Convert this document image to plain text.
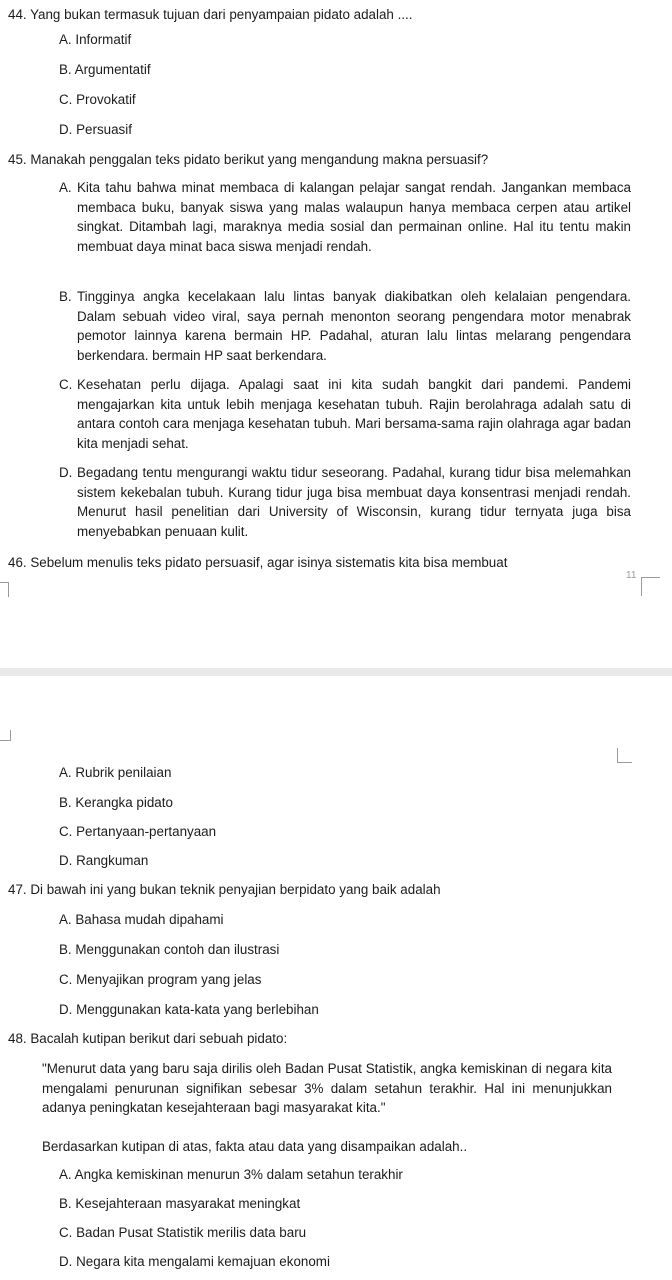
44. Yang bukan termasuk tujuan dari penyampaian pidato adalah ....
A. Informatif
B. Argumentatif
C. Provokatif
D. Persuasif
45. Manakah penggalan teks pidato berikut yang mengandung makna persuasif?
A. Kita tahu bahwa minat membaca di kalangan pelajar sangat rendah. Jangankan membaca membaca buku, banyak siswa yang malas walaupun hanya membaca cerpen atau artikel singkat. Ditambah lagi, maraknya media sosial dan permainan online. Hal itu tentu makin membuat daya minat baca siswa menjadi rendah.
B. Tingginya angka kecelakaan lalu lintas banyak diakibatkan oleh kelalaian pengendara. Dalam sebuah video viral, saya pernah menonton seorang pengendara motor menabrak pemotor lainnya karena bermain HP. Padahal, aturan lalu lintas melarang pengendara berkendara. bermain HP saat berkendara.
C. Kesehatan perlu dijaga. Apalagi saat ini kita sudah bangkit dari pandemi. Pandemi mengajarkan kita untuk lebih menjaga kesehatan tubuh. Rajin berolahraga adalah satu di antara contoh cara menjaga kesehatan tubuh. Mari bersama-sama rajin olahraga agar badan kita menjadi sehat.
D. Begadang tentu mengurangi waktu tidur seseorang. Padahal, kurang tidur bisa melemahkan sistem kekebalan tubuh. Kurang tidur juga bisa membuat daya konsentrasi menjadi rendah. Menurut hasil penelitian dari University of Wisconsin, kurang tidur ternyata juga bisa menyebabkan penuaan kulit.
46. Sebelum menulis teks pidato persuasif, agar isinya sistematis kita bisa membuat
11
A. Rubrik penilaian
B. Kerangka pidato
C. Pertanyaan-pertanyaan
D. Rangkuman
47. Di bawah ini yang bukan teknik penyajian berpidato yang baik adalah
A. Bahasa mudah dipahami
B. Menggunakan contoh dan ilustrasi
C. Menyajikan program yang jelas
D. Menggunakan kata-kata yang berlebihan
48. Bacalah kutipan berikut dari sebuah pidato:
"Menurut data yang baru saja dirilis oleh Badan Pusat Statistik, angka kemiskinan di negara kita mengalami penurunan signifikan sebesar 3% dalam setahun terakhir. Hal ini menunjukkan adanya peningkatan kesejahteraan bagi masyarakat kita."
Berdasarkan kutipan di atas, fakta atau data yang disampaikan adalah..
A. Angka kemiskinan menurun 3% dalam setahun terakhir
B. Kesejahteraan masyarakat meningkat
C. Badan Pusat Statistik merilis data baru
D. Negara kita mengalami kemajuan ekonomi
